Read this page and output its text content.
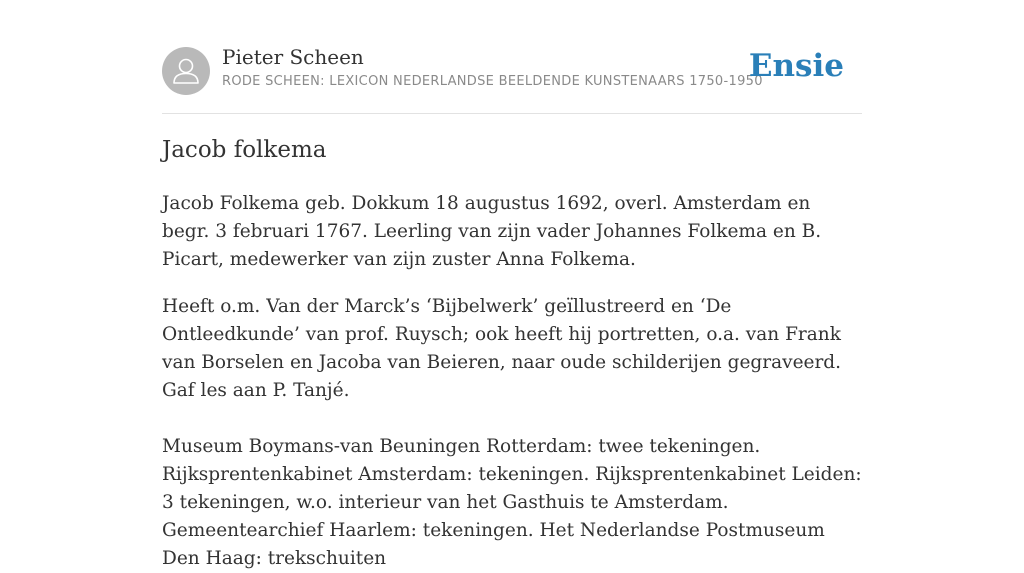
Pieter Scheen
RODE SCHEEN: LEXICON NEDERLANDSE BEELDENDE KUNSTENAARS 1750-1950
Ensie
Jacob folkema

Jacob Folkema geb. Dokkum 18 augustus 1692, overl. Amsterdam en begr. 3 februari 1767. Leerling van zijn vader Johannes Folkema en B. Picart, medewerker van zijn zuster Anna Folkema.

Heeft o.m. Van der Marck’s ‘Bijbelwerk’ geïllustreerd en ‘De Ontleedkunde’ van prof. Ruysch; ook heeft hij portretten, o.a. van Frank van Borselen en Jacoba van Beieren, naar oude schilderijen gegraveerd. Gaf les aan P. Tanjé.

Museum Boymans-van Beuningen Rotterdam: twee tekeningen. Rijksprentenkabinet Amsterdam: tekeningen. Rijksprentenkabinet Leiden: 3 tekeningen, w.o. interieur van het Gasthuis te Amsterdam. Gemeentearchief Haarlem: tekeningen. Het Nederlandse Postmuseum Den Haag: trekschuiten
